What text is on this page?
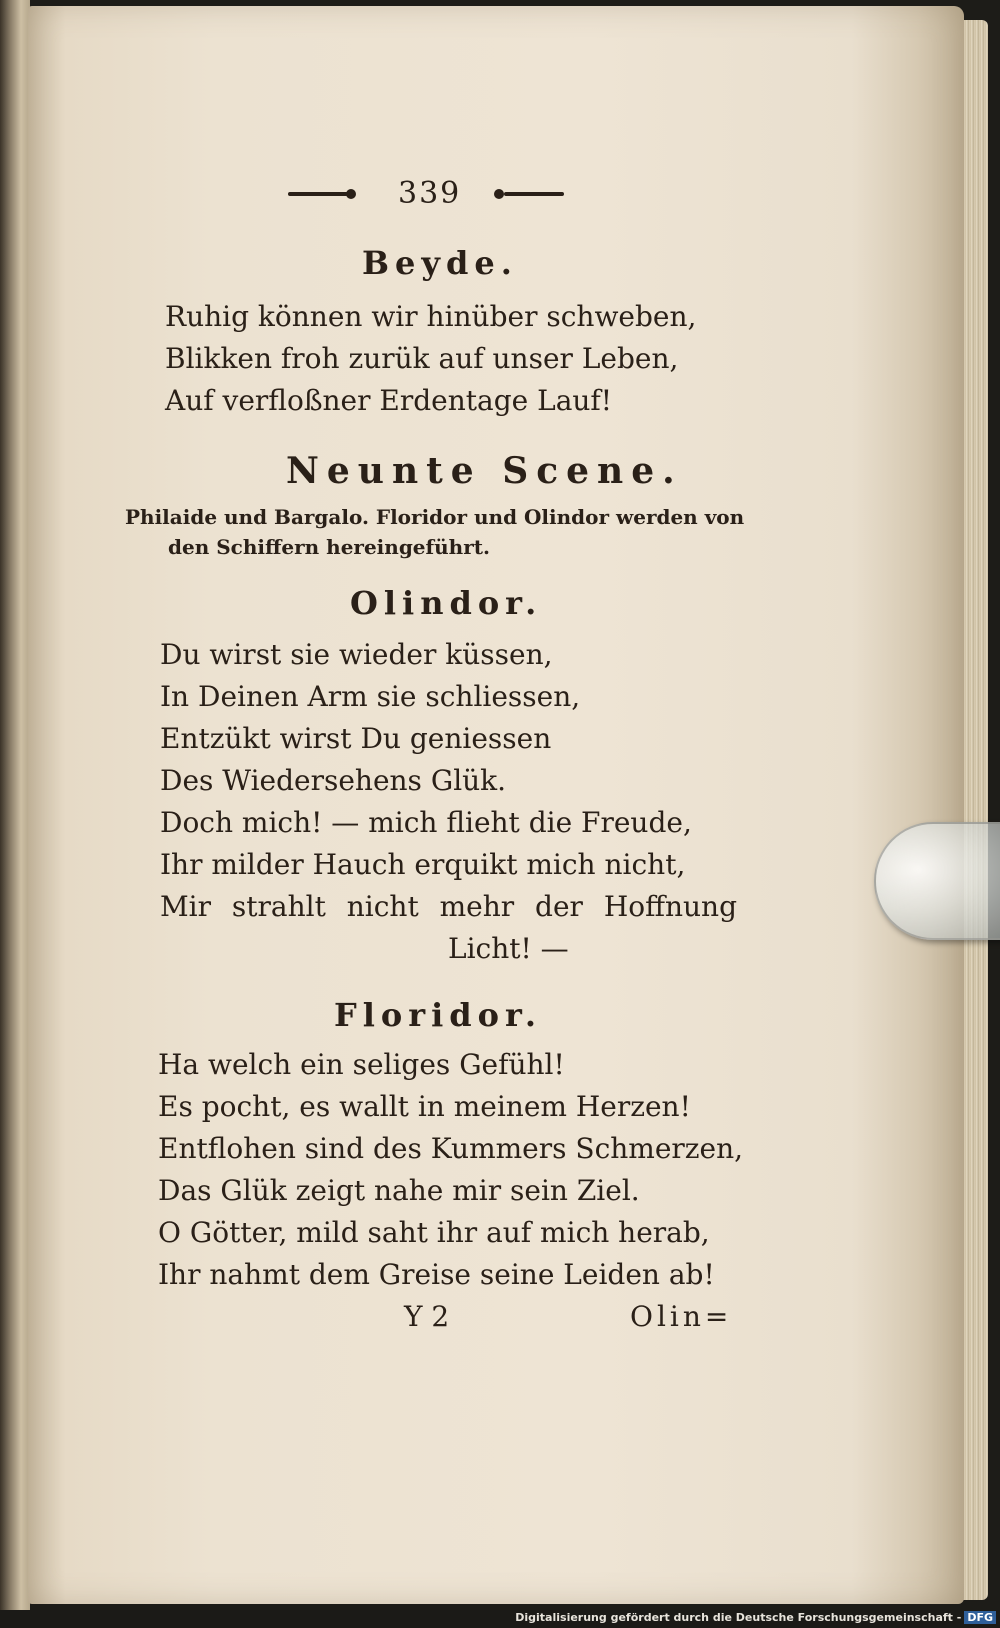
339
Beyde.
Ruhig können wir hinüber schweben,
Blikken froh zurük auf unser Leben,
Auf verfloßner Erdentage Lauf!
Neunte Scene.
Philaide und Bargalo. Floridor und Olindor werden von
den Schiffern hereingeführt.
Olindor.
Du wirst sie wieder küssen,
In Deinen Arm sie schliessen,
Entzükt wirst Du geniessen
Des Wiedersehens Glük.
Doch mich! — mich flieht die Freude,
Ihr milder Hauch erquikt mich nicht,
Mir strahlt nicht mehr der Hoffnung
Licht! —
Floridor.
Ha welch ein seliges Gefühl!
Es pocht, es wallt in meinem Herzen!
Entflohen sind des Kummers Schmerzen,
Das Glük zeigt nahe mir sein Ziel.
O Götter, mild saht ihr auf mich herab,
Ihr nahmt dem Greise seine Leiden ab!
Y 2	Olin=
Digitalisierung gefördert durch die Deutsche Forschungsgemeinschaft - DFG
